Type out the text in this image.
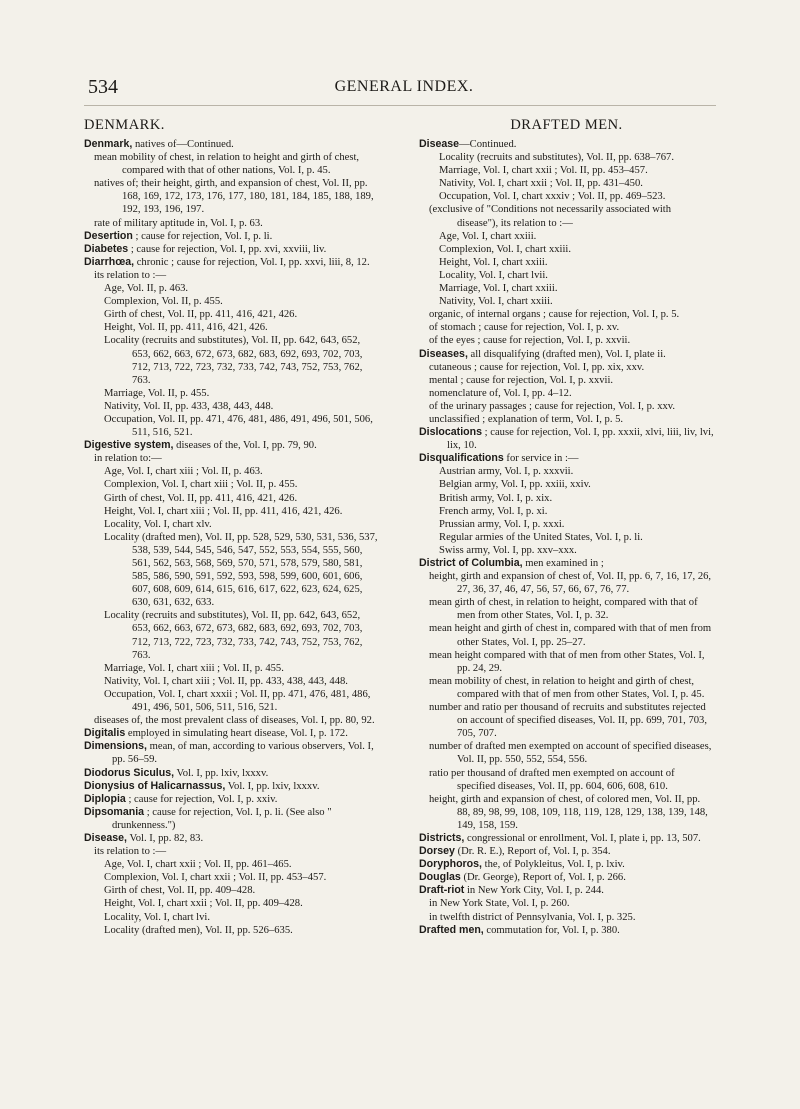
534	GENERAL INDEX.
DENMARK.

Denmark, natives of—Continued.

mean mobility of chest, in relation to height and girth of chest, compared with that of other nations, Vol. I, p. 45.

natives of; their height, girth, and expansion of chest, Vol. II, pp. 168, 169, 172, 173, 176, 177, 180, 181, 184, 185, 188, 189, 192, 193, 196, 197.

rate of military aptitude in, Vol. I, p. 63.

Desertion ; cause for rejection, Vol. I, p. li.

Diabetes ; cause for rejection, Vol. I, pp. xvi, xxviii, liv.

Diarrhœa, chronic ; cause for rejection, Vol. I, pp. xxvi, liii, 8, 12.

its relation to :—

Age, Vol. II, p. 463.

Complexion, Vol. II, p. 455.

Girth of chest, Vol. II, pp. 411, 416, 421, 426.

Height, Vol. II, pp. 411, 416, 421, 426.

Locality (recruits and substitutes), Vol. II, pp. 642, 643, 652, 653, 662, 663, 672, 673, 682, 683, 692, 693, 702, 703, 712, 713, 722, 723, 732, 733, 742, 743, 752, 753, 762, 763.

Marriage, Vol. II, p. 455.

Nativity, Vol. II, pp. 433, 438, 443, 448.

Occupation, Vol. II, pp. 471, 476, 481, 486, 491, 496, 501, 506, 511, 516, 521.

Digestive system, diseases of the, Vol. I, pp. 79, 90.

in relation to:—

Age, Vol. I, chart xiii ; Vol. II, p. 463.

Complexion, Vol. I, chart xiii ; Vol. II, p. 455.

Girth of chest, Vol. II, pp. 411, 416, 421, 426.

Height, Vol. I, chart xiii ; Vol. II, pp. 411, 416, 421, 426.

Locality, Vol. I, chart xlv.

Locality (drafted men), Vol. II, pp. 528, 529, 530, 531, 536, 537, 538, 539, 544, 545, 546, 547, 552, 553, 554, 555, 560, 561, 562, 563, 568, 569, 570, 571, 578, 579, 580, 581, 585, 586, 590, 591, 592, 593, 598, 599, 600, 601, 606, 607, 608, 609, 614, 615, 616, 617, 622, 623, 624, 625, 630, 631, 632, 633.

Locality (recruits and substitutes), Vol. II, pp. 642, 643, 652, 653, 662, 663, 672, 673, 682, 683, 692, 693, 702, 703, 712, 713, 722, 723, 732, 733, 742, 743, 752, 753, 762, 763.

Marriage, Vol. I, chart xiii ; Vol. II, p. 455.

Nativity, Vol. I, chart xiii ; Vol. II, pp. 433, 438, 443, 448.

Occupation, Vol. I, chart xxxii ; Vol. II, pp. 471, 476, 481, 486, 491, 496, 501, 506, 511, 516, 521.

diseases of, the most prevalent class of diseases, Vol. I, pp. 80, 92.

Digitalis employed in simulating heart disease, Vol. I, p. 172.

Dimensions, mean, of man, according to various observers, Vol. I, pp. 56–59.

Diodorus Siculus, Vol. I, pp. lxiv, lxxxv.

Dionysius of Halicarnassus, Vol. I, pp. lxiv, lxxxv.

Diplopia ; cause for rejection, Vol. I, p. xxiv.

Dipsomania ; cause for rejection, Vol. I, p. li. (See also " drunkenness.")

Disease, Vol. I, pp. 82, 83.

its relation to :—

Age, Vol. I, chart xxii ; Vol. II, pp. 461–465.

Complexion, Vol. I, chart xxii ; Vol. II, pp. 453–457.

Girth of chest, Vol. II, pp. 409–428.

Height, Vol. I, chart xxii ; Vol. II, pp. 409–428.

Locality, Vol. I, chart lvi.

Locality (drafted men), Vol. II, pp. 526–635.

DRAFTED MEN.

Disease—Continued.

Locality (recruits and substitutes), Vol. II, pp. 638–767.

Marriage, Vol. I, chart xxii ; Vol. II, pp. 453–457.

Nativity, Vol. I, chart xxii ; Vol. II, pp. 431–450.

Occupation, Vol. I, chart xxxiv ; Vol. II, pp. 469–523.

(exclusive of "Conditions not necessarily associated with disease"), its relation to :—

Age, Vol. I, chart xxiii.

Complexion, Vol. I, chart xxiii.

Height, Vol. I, chart xxiii.

Locality, Vol. I, chart lvii.

Marriage, Vol. I, chart xxiii.

Nativity, Vol. I, chart xxiii.

organic, of internal organs ; cause for rejection, Vol. I, p. 5.

of stomach ; cause for rejection, Vol. I, p. xv.

of the eyes ; cause for rejection, Vol. I, p. xxvii.

Diseases, all disqualifying (drafted men), Vol. I, plate ii.

cutaneous ; cause for rejection, Vol. I, pp. xix, xxv.

mental ; cause for rejection, Vol. I, p. xxvii.

nomenclature of, Vol. I, pp. 4–12.

of the urinary passages ; cause for rejection, Vol. I, p. xxv.

unclassified ; explanation of term, Vol. I, p. 5.

Dislocations ; cause for rejection, Vol. I, pp. xxxii, xlvi, liii, liv, lvi, lix, 10.

Disqualifications for service in :—

Austrian army, Vol. I, p. xxxvii.

Belgian army, Vol. I, pp. xxiii, xxiv.

British army, Vol. I, p. xix.

French army, Vol. I, p. xi.

Prussian army, Vol. I, p. xxxi.

Regular armies of the United States, Vol. I, p. li.

Swiss army, Vol. I, pp. xxv–xxx.

District of Columbia, men examined in ;

height, girth and expansion of chest of, Vol. II, pp. 6, 7, 16, 17, 26, 27, 36, 37, 46, 47, 56, 57, 66, 67, 76, 77.

mean girth of chest, in relation to height, compared with that of men from other States, Vol. I, p. 32.

mean height and girth of chest in, compared with that of men from other States, Vol. I, pp. 25–27.

mean height compared with that of men from other States, Vol. I, pp. 24, 29.

mean mobility of chest, in relation to height and girth of chest, compared with that of men from other States, Vol. I, p. 45.

number and ratio per thousand of recruits and substitutes rejected on account of specified diseases, Vol. II, pp. 699, 701, 703, 705, 707.

number of drafted men exempted on account of specified diseases, Vol. II, pp. 550, 552, 554, 556.

ratio per thousand of drafted men exempted on account of specified diseases, Vol. II, pp. 604, 606, 608, 610.

height, girth and expansion of chest, of colored men, Vol. II, pp. 88, 89, 98, 99, 108, 109, 118, 119, 128, 129, 138, 139, 148, 149, 158, 159.

Districts, congressional or enrollment, Vol. I, plate i, pp. 13, 507.

Dorsey (Dr. R. E.), Report of, Vol. I, p. 354.

Doryphoros, the, of Polykleitus, Vol. I, p. lxiv.

Douglas (Dr. George), Report of, Vol. I, p. 266.

Draft-riot in New York City, Vol. I, p. 244.

in New York State, Vol. I, p. 260.

in twelfth district of Pennsylvania, Vol. I, p. 325.

Drafted men, commutation for, Vol. I, p. 380.
